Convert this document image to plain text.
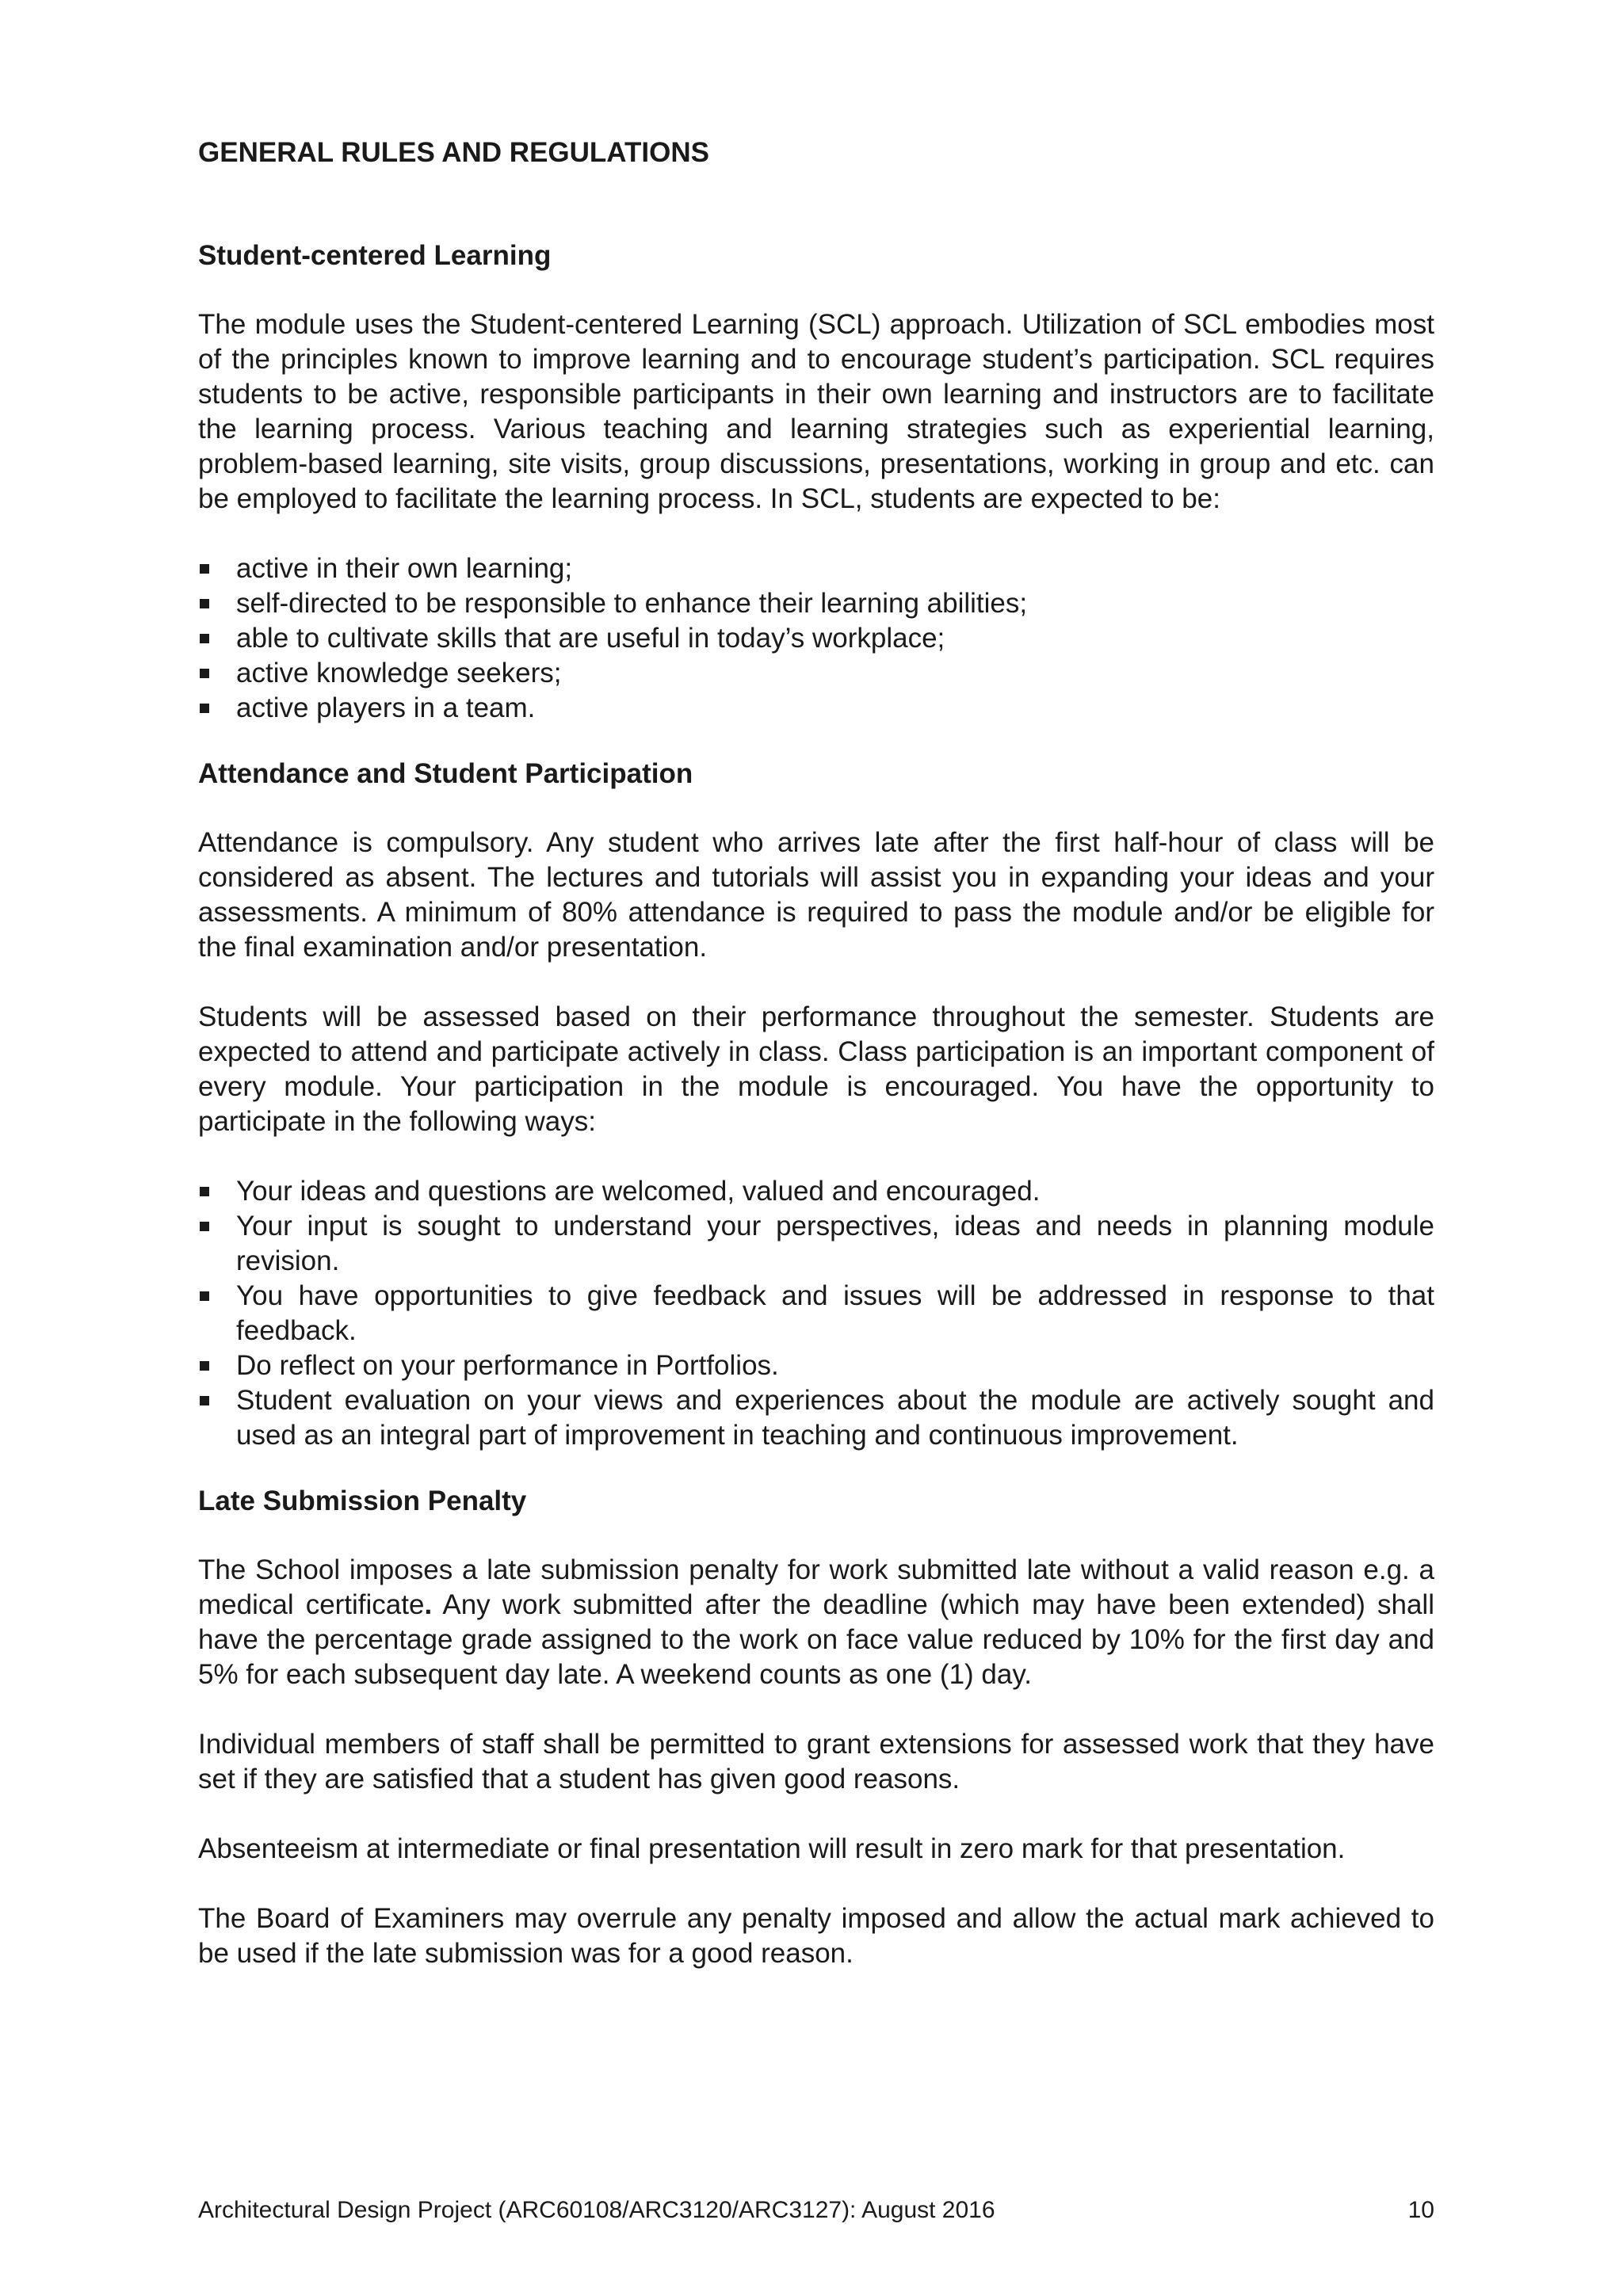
GENERAL RULES AND REGULATIONS
Student-centered Learning

The module uses the Student-centered Learning (SCL) approach. Utilization of SCL embodies most of the principles known to improve learning and to encourage student’s participation. SCL requires students to be active, responsible participants in their own learning and instructors are to facilitate the learning process. Various teaching and learning strategies such as experiential learning, problem-based learning, site visits, group discussions, presentations, working in group and etc. can be employed to facilitate the learning process. In SCL, students are expected to be:

active in their own learning;
self-directed to be responsible to enhance their learning abilities;
able to cultivate skills that are useful in today’s workplace;
active knowledge seekers;
active players in a team.
Attendance and Student Participation

Attendance is compulsory. Any student who arrives late after the first half-hour of class will be considered as absent. The lectures and tutorials will assist you in expanding your ideas and your assessments. A minimum of 80% attendance is required to pass the module and/or be eligible for the final examination and/or presentation.

Students will be assessed based on their performance throughout the semester. Students are expected to attend and participate actively in class. Class participation is an important component of every module. Your participation in the module is encouraged. You have the opportunity to participate in the following ways:

Your ideas and questions are welcomed, valued and encouraged.
Your input is sought to understand your perspectives, ideas and needs in planning module revision.
You have opportunities to give feedback and issues will be addressed in response to that feedback.
Do reflect on your performance in Portfolios.
Student evaluation on your views and experiences about the module are actively sought and used as an integral part of improvement in teaching and continuous improvement.
Late Submission Penalty

The School imposes a late submission penalty for work submitted late without a valid reason e.g. a medical certificate. Any work submitted after the deadline (which may have been extended) shall have the percentage grade assigned to the work on face value reduced by 10% for the first day and 5% for each subsequent day late. A weekend counts as one (1) day.

Individual members of staff shall be permitted to grant extensions for assessed work that they have set if they are satisfied that a student has given good reasons.

Absenteeism at intermediate or final presentation will result in zero mark for that presentation.

The Board of Examiners may overrule any penalty imposed and allow the actual mark achieved to be used if the late submission was for a good reason.

Architectural Design Project (ARC60108/ARC3120/ARC3127): August 2016	10
